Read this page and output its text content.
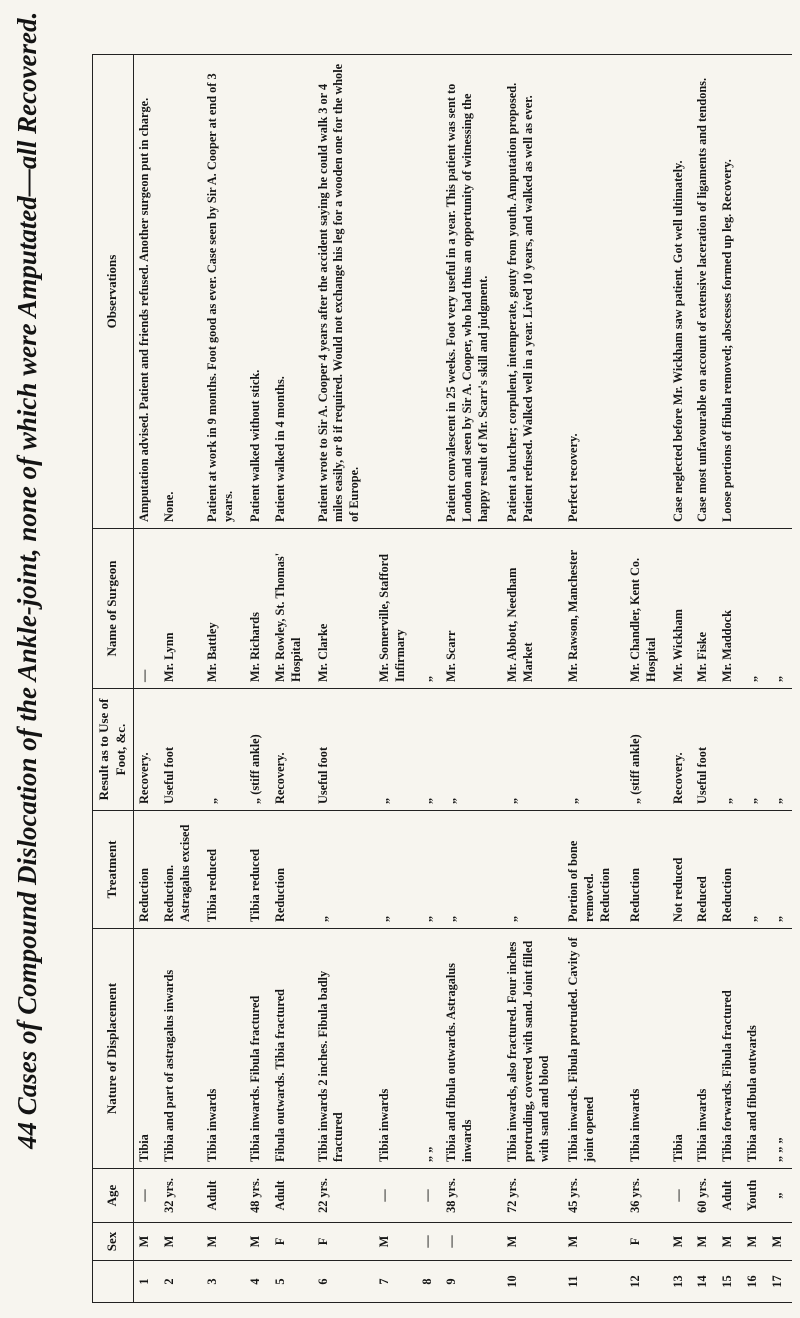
44 Cases of Compound Dislocation of the Ankle-joint, none of which were Amputated—all Recovered.
	Sex	Age	Nature of Displacement	Treatment	Result as to Use of Foot, &c.	Name of Surgeon	Observations
1	M	—	Tibia	Reduction	Recovery.	—	Amputation advised. Patient and friends refused. Another surgeon put in charge.
2	M	32 yrs.	Tibia and part of astragalus inwards	Reduction. Astragalus excised	Useful foot	Mr. Lynn	None.
3	M	Adult	Tibia inwards	Tibia reduced	„	Mr. Battley	Patient at work in 9 months. Foot good as ever. Case seen by Sir A. Cooper at end of 3 years.
4	M	48 yrs.	Tibia inwards. Fibula fractured	Tibia reduced	„ (stiff ankle)	Mr. Richards	Patient walked without stick.
5	F	Adult	Fibula outwards. Tibia fractured	Reduction	Recovery.	Mr. Rowley, St. Thomas' Hospital	Patient walked in 4 months.
6	F	22 yrs.	Tibia inwards 2 inches. Fibula badly fractured	„	Useful foot	Mr. Clarke	Patient wrote to Sir A. Cooper 4 years after the accident saying he could walk 3 or 4 miles easily, or 8 if required. Would not exchange his leg for a wooden one for the whole of Europe.
7	M	—	Tibia inwards	„	„	Mr. Somerville, Stafford Infirmary	
8	—	—	„ „	„	„	„	
9	—	38 yrs.	Tibia and fibula outwards. Astragalus inwards	„	„	Mr. Scarr	Patient convalescent in 25 weeks. Foot very useful in a year. This patient was sent to London and seen by Sir A. Cooper, who had thus an opportunity of witnessing the happy result of Mr. Scarr's skill and judgment.
10	M	72 yrs.	Tibia inwards, also fractured. Four inches protruding, covered with sand. Joint filled with sand and blood	„	„	Mr. Abbott, Needham Market	Patient a butcher; corpulent, intemperate, gouty from youth. Amputation proposed. Patient refused. Walked well in a year. Lived 10 years, and walked as well as ever.
11	M	45 yrs.	Tibia inwards. Fibula protruded. Cavity of joint opened	Portion of bone removed. Reduction	„	Mr. Rawson, Manchester	Perfect recovery.
12	F	36 yrs.	Tibia inwards	Reduction	„ (stiff ankle)	Mr. Chandler, Kent Co. Hospital	
13	M	—	Tibia	Not reduced	Recovery.	Mr. Wickham	Case neglected before Mr. Wickham saw patient. Got well ultimately.
14	M	60 yrs.	Tibia inwards	Reduced	Useful foot	Mr. Fiske	Case most unfavourable on account of extensive laceration of ligaments and tendons.
15	M	Adult	Tibia forwards. Fibula fractured	Reduction	„	Mr. Maddock	Loose portions of fibula removed; abscesses formed up leg. Recovery.
16	M	Youth	Tibia and fibula outwards	„	„	„	
17	M	„	„ „ „	„	„	„	
